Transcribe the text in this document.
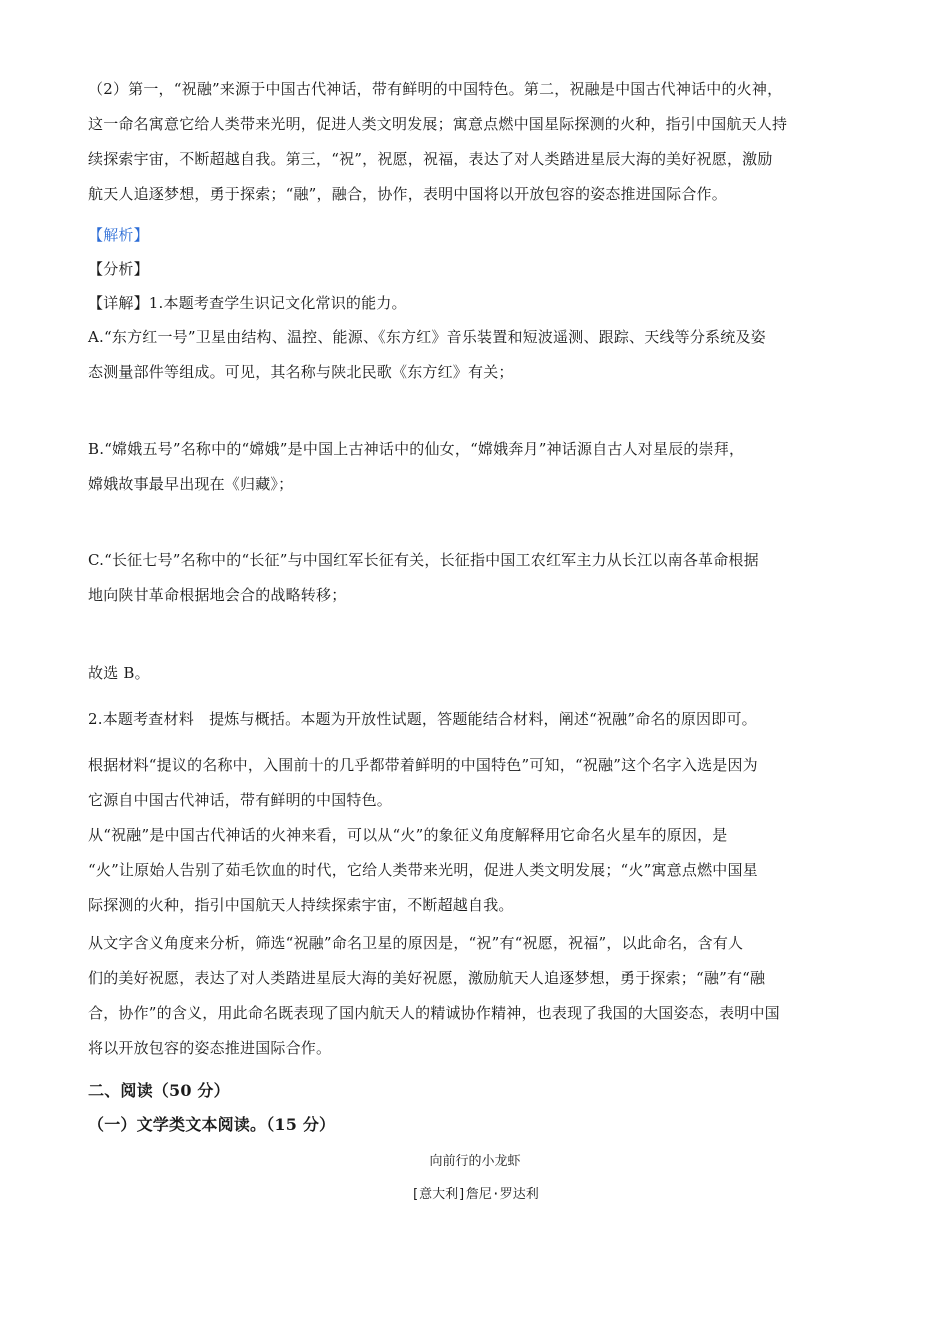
（2）第一，“祝融”来源于中国古代神话，带有鲜明的中国特色。第二，祝融是中国古代神话中的火神，
这一命名寓意它给人类带来光明，促进人类文明发展；寓意点燃中国星际探测的火种，指引中国航天人持
续探索宇宙，不断超越自我。第三，“祝”，祝愿，祝福，表达了对人类踏进星辰大海的美好祝愿，激励
航天人追逐梦想，勇于探索；“融”，融合，协作，表明中国将以开放包容的姿态推进国际合作。
【解析】
【分析】
【详解】1.本题考查学生识记文化常识的能力。
A.“东方红一号”卫星由结构、温控、能源、《东方红》音乐装置和短波遥测、跟踪、天线等分系统及姿
态测量部件等组成。可见，其名称与陕北民歌《东方红》有关；
B.“嫦娥五号”名称中的“嫦娥”是中国上古神话中的仙女，“嫦娥奔月”神话源自古人对星辰的崇拜，
嫦娥故事最早出现在《归藏》；
C.“长征七号”名称中的“长征”与中国红军长征有关，长征指中国工农红军主力从长江以南各革命根据
地向陕甘革命根据地会合的战略转移；
故选 B。
2.本题考查材料　提炼与概括。本题为开放性试题，答题能结合材料，阐述“祝融”命名的原因即可。
根据材料“提议的名称中，入围前十的几乎都带着鲜明的中国特色”可知，“祝融”这个名字入选是因为
它源自中国古代神话，带有鲜明的中国特色。
从“祝融”是中国古代神话的火神来看，可以从“火”的象征义角度解释用它命名火星车的原因，是
“火”让原始人告别了茹毛饮血的时代，它给人类带来光明，促进人类文明发展；“火”寓意点燃中国星
际探测的火种，指引中国航天人持续探索宇宙，不断超越自我。
从文字含义角度来分析，筛选“祝融”命名卫星的原因是，“祝”有“祝愿，祝福”，以此命名，含有人
们的美好祝愿，表达了对人类踏进星辰大海的美好祝愿，激励航天人追逐梦想，勇于探索；“融”有“融
合，协作”的含义，用此命名既表现了国内航天人的精诚协作精神，也表现了我国的大国姿态，表明中国
将以开放包容的姿态推进国际合作。
二、阅读（50 分）
（一）文学类文本阅读。（15 分）
向前行的小龙虾
[意大利]詹尼·罗达利
